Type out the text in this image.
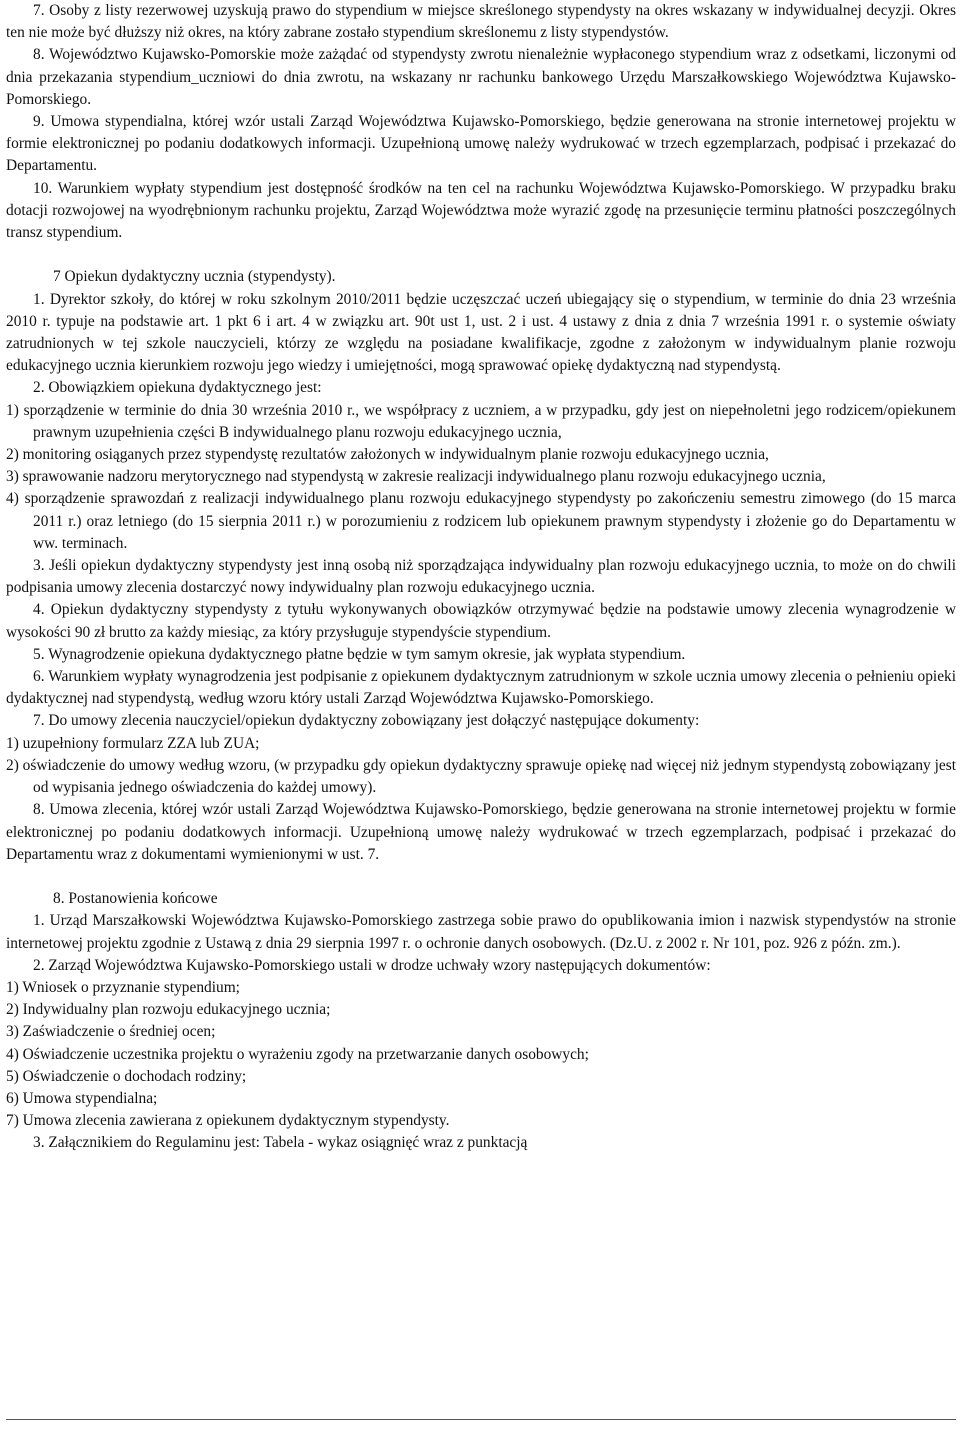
7. Osoby z listy rezerwowej uzyskują prawo do stypendium w miejsce skreślonego stypendysty na okres wskazany w indywidualnej decyzji. Okres ten nie może być dłuższy niż okres, na który zabrane zostało stypendium skreślonemu z listy stypendystów.

8. Województwo Kujawsko-Pomorskie może zażądać od stypendysty zwrotu nienależnie wypłaconego stypendium wraz z odsetkami, liczonymi od dnia przekazania stypendium_uczniowi do dnia zwrotu, na wskazany nr rachunku bankowego Urzędu Marszałkowskiego Województwa Kujawsko-Pomorskiego.

9. Umowa stypendialna, której wzór ustali Zarząd Województwa Kujawsko-Pomorskiego, będzie generowana na stronie internetowej projektu w formie elektronicznej po podaniu dodatkowych informacji. Uzupełnioną umowę należy wydrukować w trzech egzemplarzach, podpisać i przekazać do Departamentu.

10. Warunkiem wypłaty stypendium jest dostępność środków na ten cel na rachunku Województwa Kujawsko-Pomorskiego. W przypadku braku dotacji rozwojowej na wyodrębnionym rachunku projektu, Zarząd Województwa może wyrazić zgodę na przesunięcie terminu płatności poszczególnych transz stypendium.

7 Opiekun dydaktyczny ucznia (stypendysty).

1. Dyrektor szkoły, do której w roku szkolnym 2010/2011 będzie uczęszczać uczeń ubiegający się o stypendium, w terminie do dnia 23 września 2010 r. typuje na podstawie art. 1 pkt 6 i art. 4 w związku art. 90t ust 1, ust. 2 i ust. 4 ustawy z dnia z dnia 7 września 1991 r. o systemie oświaty zatrudnionych w tej szkole nauczycieli, którzy ze względu na posiadane kwalifikacje, zgodne z założonym w indywidualnym planie rozwoju edukacyjnego ucznia kierunkiem rozwoju jego wiedzy i umiejętności, mogą sprawować opiekę dydaktyczną nad stypendystą.

2. Obowiązkiem opiekuna dydaktycznego jest:

1) sporządzenie w terminie do dnia 30 września 2010 r., we współpracy z uczniem, a w przypadku, gdy jest on niepełnoletni jego rodzicem/opiekunem prawnym uzupełnienia części B indywidualnego planu rozwoju edukacyjnego ucznia,

2) monitoring osiąganych przez stypendystę rezultatów założonych w indywidualnym planie rozwoju edukacyjnego ucznia,

3) sprawowanie nadzoru merytorycznego nad stypendystą w zakresie realizacji indywidualnego planu rozwoju edukacyjnego ucznia,

4) sporządzenie sprawozdań z realizacji indywidualnego planu rozwoju edukacyjnego stypendysty po zakończeniu semestru zimowego (do 15 marca 2011 r.) oraz letniego (do 15 sierpnia 2011 r.) w porozumieniu z rodzicem lub opiekunem prawnym stypendysty i złożenie go do Departamentu w ww. terminach.

3. Jeśli opiekun dydaktyczny stypendysty jest inną osobą niż sporządzająca indywidualny plan rozwoju edukacyjnego ucznia, to może on do chwili podpisania umowy zlecenia dostarczyć nowy indywidualny plan rozwoju edukacyjnego ucznia.

4. Opiekun dydaktyczny stypendysty z tytułu wykonywanych obowiązków otrzymywać będzie na podstawie umowy zlecenia wynagrodzenie w wysokości 90 zł brutto za każdy miesiąc, za który przysługuje stypendyście stypendium.

5. Wynagrodzenie opiekuna dydaktycznego płatne będzie w tym samym okresie, jak wypłata stypendium.

6. Warunkiem wypłaty wynagrodzenia jest podpisanie z opiekunem dydaktycznym zatrudnionym w szkole ucznia umowy zlecenia o pełnieniu opieki dydaktycznej nad stypendystą, według wzoru który ustali Zarząd Województwa Kujawsko-Pomorskiego.

7. Do umowy zlecenia nauczyciel/opiekun dydaktyczny zobowiązany jest dołączyć następujące dokumenty:

1) uzupełniony formularz ZZA lub ZUA;

2) oświadczenie do umowy według wzoru, (w przypadku gdy opiekun dydaktyczny sprawuje opiekę nad więcej niż jednym stypendystą zobowiązany jest od wypisania jednego oświadczenia do każdej umowy).

8. Umowa zlecenia, której wzór ustali Zarząd Województwa Kujawsko-Pomorskiego, będzie generowana na stronie internetowej projektu w formie elektronicznej po podaniu dodatkowych informacji. Uzupełnioną umowę należy wydrukować w trzech egzemplarzach, podpisać i przekazać do Departamentu wraz z dokumentami wymienionymi w ust. 7.

8. Postanowienia końcowe

1. Urząd Marszałkowski Województwa Kujawsko-Pomorskiego zastrzega sobie prawo do opublikowania imion i nazwisk stypendystów na stronie internetowej projektu zgodnie z Ustawą z dnia 29 sierpnia 1997 r. o ochronie danych osobowych. (Dz.U. z 2002 r. Nr 101, poz. 926 z późn. zm.).

2. Zarząd Województwa Kujawsko-Pomorskiego ustali w drodze uchwały wzory następujących dokumentów:

1) Wniosek o przyznanie stypendium;

2) Indywidualny plan rozwoju edukacyjnego ucznia;

3) Zaświadczenie o średniej ocen;

4) Oświadczenie uczestnika projektu o wyrażeniu zgody na przetwarzanie danych osobowych;

5) Oświadczenie o dochodach rodziny;

6) Umowa stypendialna;

7) Umowa zlecenia zawierana z opiekunem dydaktycznym stypendysty.

3. Załącznikiem do Regulaminu jest: Tabela - wykaz osiągnięć wraz z punktacją
